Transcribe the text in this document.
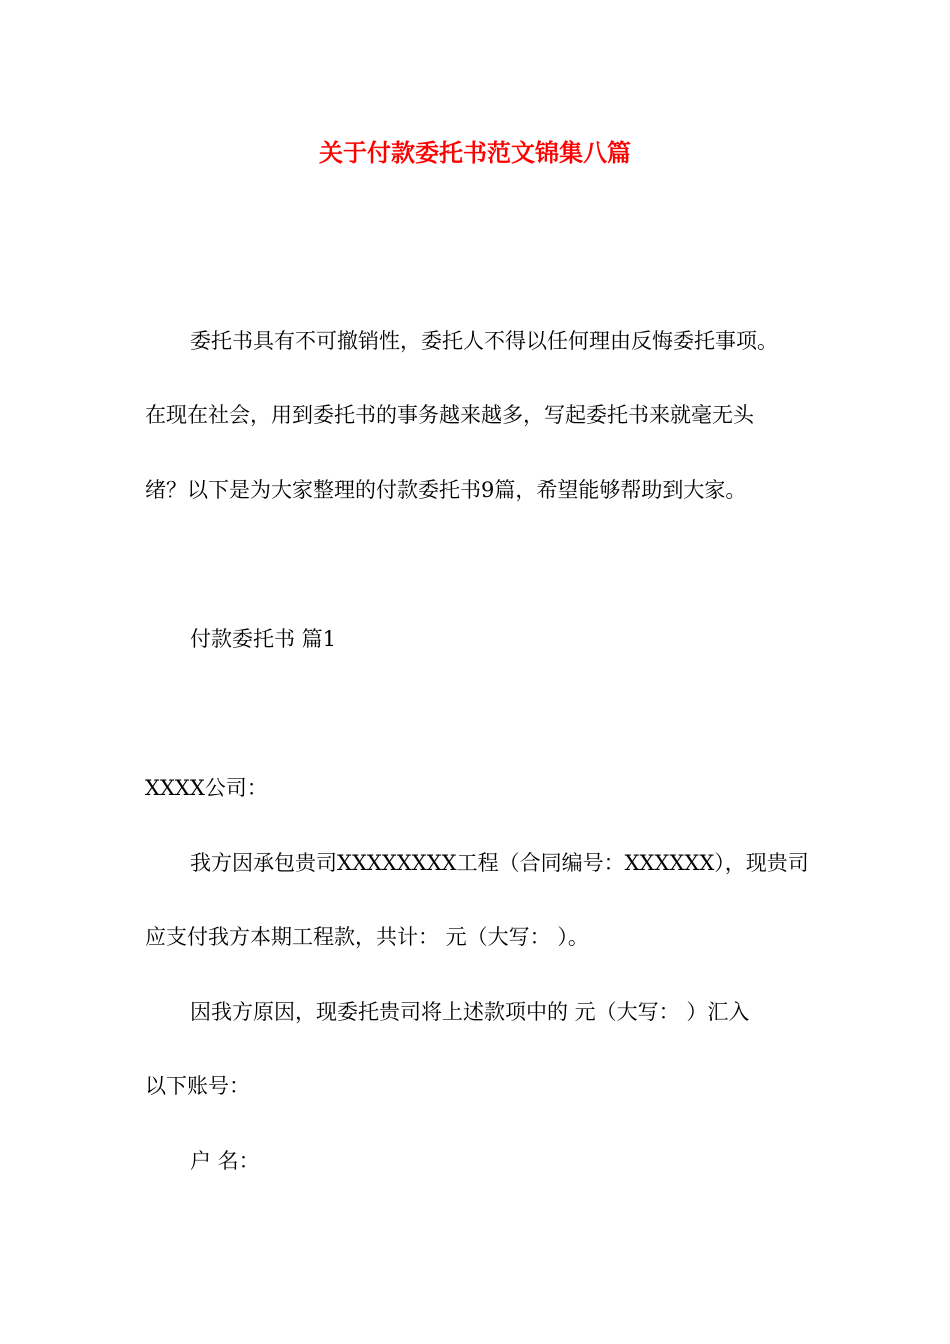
关于付款委托书范文锦集八篇
委托书具有不可撤销性，委托人不得以任何理由反悔委托事项。
在现在社会，用到委托书的事务越来越多，写起委托书来就毫无头
绪？以下是为大家整理的付款委托书9篇，希望能够帮助到大家。
付款委托书 篇1
XXXX公司：
我方因承包贵司XXXXXXXX工程（合同编号：XXXXXX），现贵司
应支付我方本期工程款，共计： 元（大写： ）。
因我方原因，现委托贵司将上述款项中的 元（大写： ）汇入
以下账号：
户 名：
